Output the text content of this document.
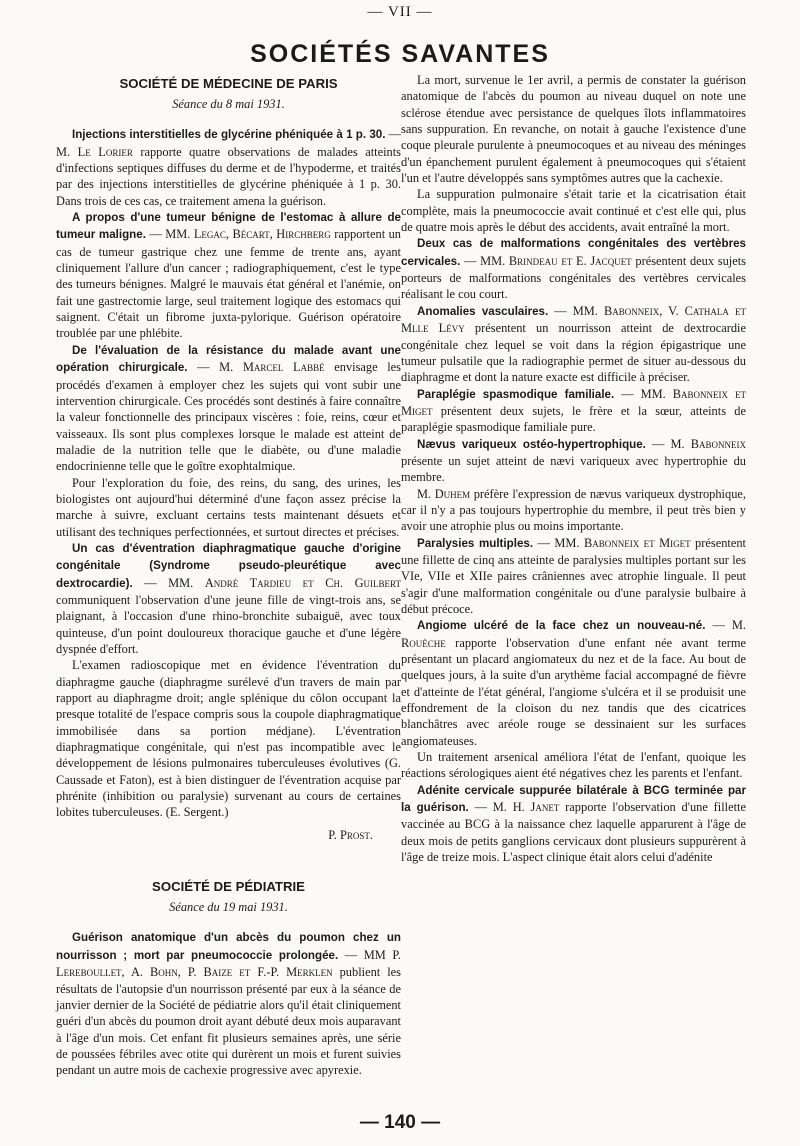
— VII —
SOCIÉTÉS SAVANTES
SOCIÉTÉ DE MÉDECINE DE PARIS
Séance du 8 mai 1931.

Injections interstitielles de glycérine phéniquée à 1 p. 30. — M. Le Lorier rapporte quatre observations de malades atteints d'infections septiques diffuses du derme et de l'hypoderme, et traités par des injections interstitielles de glycérine phéniquée à 1 p. 30. Dans trois de ces cas, ce traitement amena la guérison.

A propos d'une tumeur bénigne de l'estomac à allure de tumeur maligne. — MM. Legac, Bécart, Hirchberg rapportent un cas de tumeur gastrique chez une femme de trente ans, ayant cliniquement l'allure d'un cancer ; radiographiquement, c'est le type des tumeurs bénignes. Malgré le mauvais état général et l'anémie, on fait une gastrectomie large, seul traitement logique des estomacs qui saignent. C'était un fibrome juxta-pylorique. Guérison opératoire troublée par une phlébite.

De l'évaluation de la résistance du malade avant une opération chirurgicale. — M. Marcel Labbé envisage les procédés d'examen à employer chez les sujets qui vont subir une intervention chirurgicale. Ces procédés sont destinés à faire connaître la valeur fonctionnelle des principaux viscères : foie, reins, cœur et vaisseaux. Ils sont plus complexes lorsque le malade est atteint de maladie de la nutrition telle que le diabète, ou d'une maladie endocrinienne telle que le goître exophtalmique.

Pour l'exploration du foie, des reins, du sang, des urines, les biologistes ont aujourd'hui déterminé d'une façon assez précise la marche à suivre, excluant certains tests maintenant désuets et utilisant des techniques perfectionnées, et surtout directes et précises.

Un cas d'éventration diaphragmatique gauche d'origine congénitale (Syndrome pseudo-pleurétique avec dextrocardie). — MM. André Tardieu et Ch. Guilbert communiquent l'observation d'une jeune fille de vingt-trois ans, se plaignant, à l'occasion d'une rhino-bronchite subaiguë, avec toux quinteuse, d'un point douloureux thoracique gauche et d'une légère dyspnée d'effort.

L'examen radioscopique met en évidence l'éventration du diaphragme gauche (diaphragme surélevé d'un travers de main par rapport au diaphragme droit; angle splénique du côlon occupant la presque totalité de l'espace compris sous la coupole diaphragmatique immobilisée dans sa portion médjane). L'éventration diaphragmatique congénitale, qui n'est pas incompatible avec le développement de lésions pulmonaires tuberculeuses évolutives (G. Caussade et Faton), est à bien distinguer de l'éventration acquise par phrénite (inhibition ou paralysie) survenant au cours de certaines lobites tuberculeuses. (E. Sergent.)

P. Prost.
SOCIÉTÉ DE PÉDIATRIE
Séance du 19 mai 1931.

Guérison anatomique d'un abcès du poumon chez un nourrisson ; mort par pneumococcie prolongée. — MM P. Lereboullet, A. Bohn, P. Baize et F.-P. Merklen publient les résultats de l'autopsie d'un nourrisson présenté par eux à la séance de janvier dernier de la Société de pédiatrie alors qu'il était cliniquement guéri d'un abcès du poumon droit ayant débuté deux mois auparavant à l'âge d'un mois. Cet enfant fit plusieurs semaines après, une série de poussées fébriles avec otite qui durèrent un mois et furent suivies pendant un autre mois de cachexie progressive avec apyrexie.

La mort, survenue le 1er avril, a permis de constater la guérison anatomique de l'abcès du poumon au niveau duquel on note une sclérose étendue avec persistance de quelques îlots inflammatoires sans suppuration. En revanche, on notait à gauche l'existence d'une coque pleurale purulente à pneumocoques et au niveau des méninges d'un épanchement purulent également à pneumocoques qui s'étaient l'un et l'autre développés sans symptômes autres que la cachexie.

La suppuration pulmonaire s'était tarie et la cicatrisation était complète, mais la pneumococcie avait continué et c'est elle qui, plus de quatre mois après le début des accidents, avait entraîné la mort.

Deux cas de malformations congénitales des vertèbres cervicales. — MM. Brindeau et E. Jacquet présentent deux sujets porteurs de malformations congénitales des vertèbres cervicales réalisant le cou court.

Anomalies vasculaires. — MM. Babonneix, V. Cathala et Mlle Lévy présentent un nourrisson atteint de dextrocardie congénitale chez lequel se voit dans la région épigastrique une tumeur pulsatile que la radiographie permet de situer au-dessous du diaphragme et dont la nature exacte est difficile à préciser.

Paraplégie spasmodique familiale. — MM. Babonneix et Miget présentent deux sujets, le frère et la sœur, atteints de paraplégie spasmodique familiale pure.

Nævus variqueux ostéo-hypertrophique. — M. Babonneix présente un sujet atteint de nævi variqueux avec hypertrophie du membre.

M. Duhem préfère l'expression de nævus variqueux dystrophique, car il n'y a pas toujours hypertrophie du membre, il peut très bien y avoir une atrophie plus ou moins importante.

Paralysies multiples. — MM. Babonneix et Miget présentent une fillette de cinq ans atteinte de paralysies multiples portant sur les VIe, VIIe et XIIe paires crâniennes avec atrophie linguale. Il peut s'agir d'une malformation congénitale ou d'une paralysie bulbaire à début précoce.

Angiome ulcéré de la face chez un nouveau-né. — M. Rouèche rapporte l'observation d'une enfant née avant terme présentant un placard angiomateux du nez et de la face. Au bout de quelques jours, à la suite d'un arythème facial accompagné de fièvre et d'atteinte de l'état général, l'angiome s'ulcéra et il se produisit une effondrement de la cloison du nez tandis que des cicatrices blanchâtres avec aréole rouge se dessinaient sur les surfaces angiomateuses.

Un traitement arsenical améliora l'état de l'enfant, quoique les réactions sérologiques aient été négatives chez les parents et l'enfant.

Adénite cervicale suppurée bilatérale à BCG terminée par la guérison. — M. H. Janet rapporte l'observation d'une fillette vaccinée au BCG à la naissance chez laquelle apparurent à l'âge de deux mois de petits ganglions cervicaux dont plusieurs suppurèrent à l'âge de treize mois. L'aspect clinique était alors celui d'adénite

— 140 —
